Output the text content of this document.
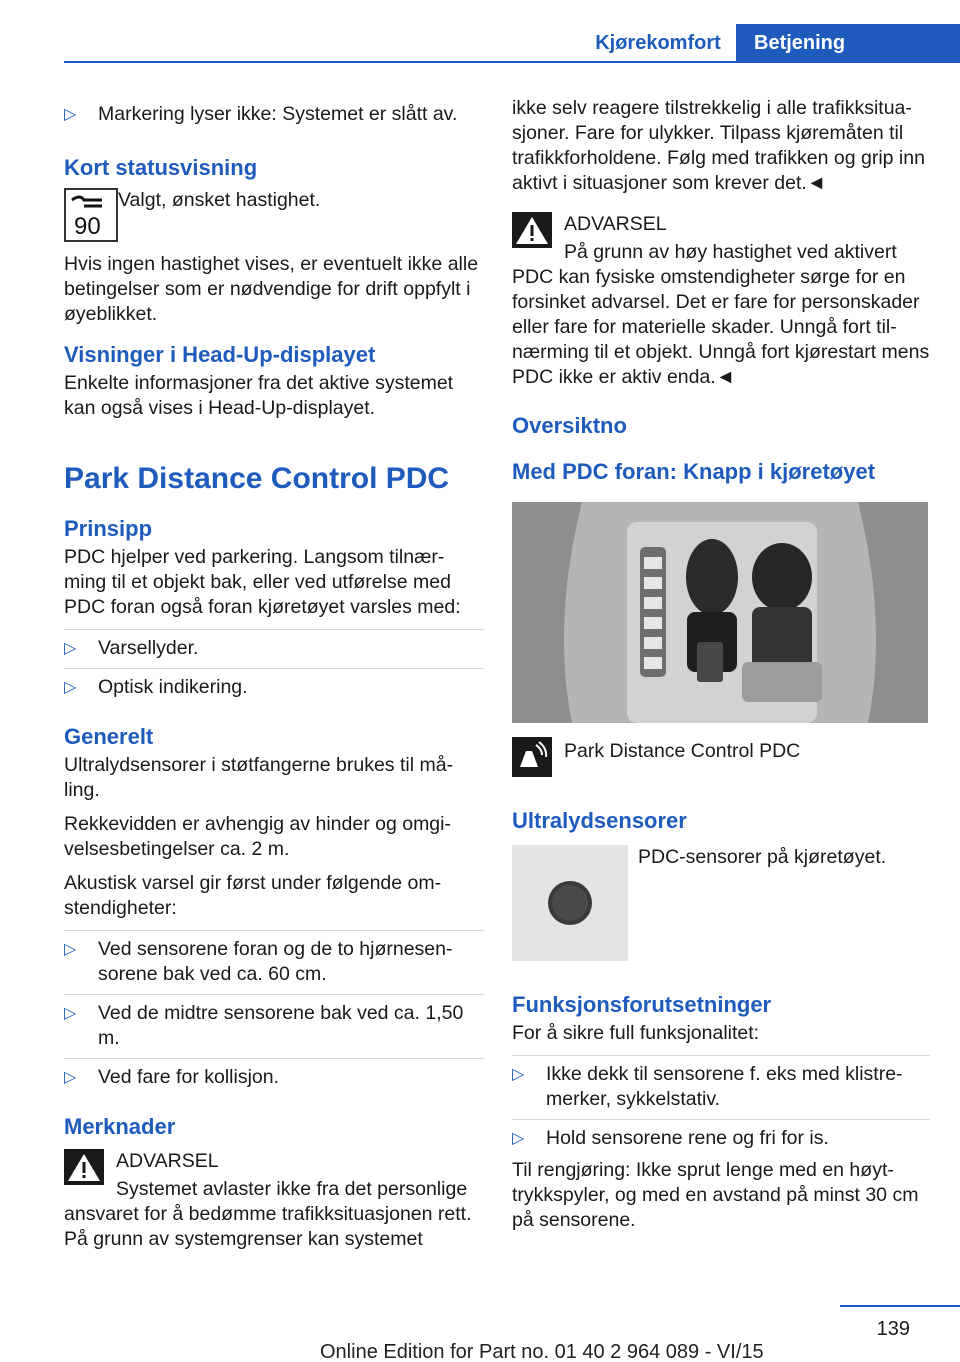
Kjørekomfort	Betjening
▷ Markering lyser ikke: Systemet er slått av.
Kort statusvisning
90

Valgt, ønsket hastighet.

Hvis ingen hastighet vises, er eventuelt ikke alle betingelser som er nødvendige for drift oppfylt i øyeblikket.

Visninger i Head-Up-displayet

Enkelte informasjoner fra det aktive systemet kan også vises i Head-Up-displayet.

Park Distance Control PDC
Prinsipp

PDC hjelper ved parkering. Langsom tilnær-ming til et objekt bak, eller ved utførelse med PDC foran også foran kjøretøyet varsles med:

▷ Varsellyder.
▷ Optisk indikering.
Generelt

Ultralydsensorer i støtfangerne brukes til må-ling.

Rekkevidden er avhengig av hinder og omgi-velsesbetingelser ca. 2 m.

Akustisk varsel gir først under følgende om-stendigheter:

▷ Ved sensorene foran og de to hjørnesen-sorene bak ved ca. 60 cm.
▷ Ved de midtre sensorene bak ved ca. 1,50 m.
▷ Ved fare for kollisjon.
Merknader
ADVARSEL

Systemet avlaster ikke fra det personlige ansvaret for å bedømme trafikksituasjonen rett. På grunn av systemgrenser kan systemet

ikke selv reagere tilstrekkelig i alle trafikksitua-sjoner. Fare for ulykker. Tilpass kjøremåten til trafikkforholdene. Følg med trafikken og grip inn aktivt i situasjoner som krever det.◄

ADVARSEL

På grunn av høy hastighet ved aktivert PDC kan fysiske omstendigheter sørge for en forsinket advarsel. Det er fare for personskader eller fare for materielle skader. Unngå fort til-nærming til et objekt. Unngå fort kjørestart mens PDC ikke er aktiv enda.◄

Oversiktno
Med PDC foran: Knapp i kjøretøyet

Park Distance Control PDC

Ultralydsensorer

PDC-sensorer på kjøretøyet.

Funksjonsforutsetninger

For å sikre full funksjonalitet:

▷ Ikke dekk til sensorene f. eks med klistre-merker, sykkelstativ.
▷ Hold sensorene rene og fri for is.

Til rengjøring: Ikke sprut lenge med en høyt-trykkspyler, og med en avstand på minst 30 cm på sensorene.

139
Online Edition for Part no. 01 40 2 964 089 - VI/15
